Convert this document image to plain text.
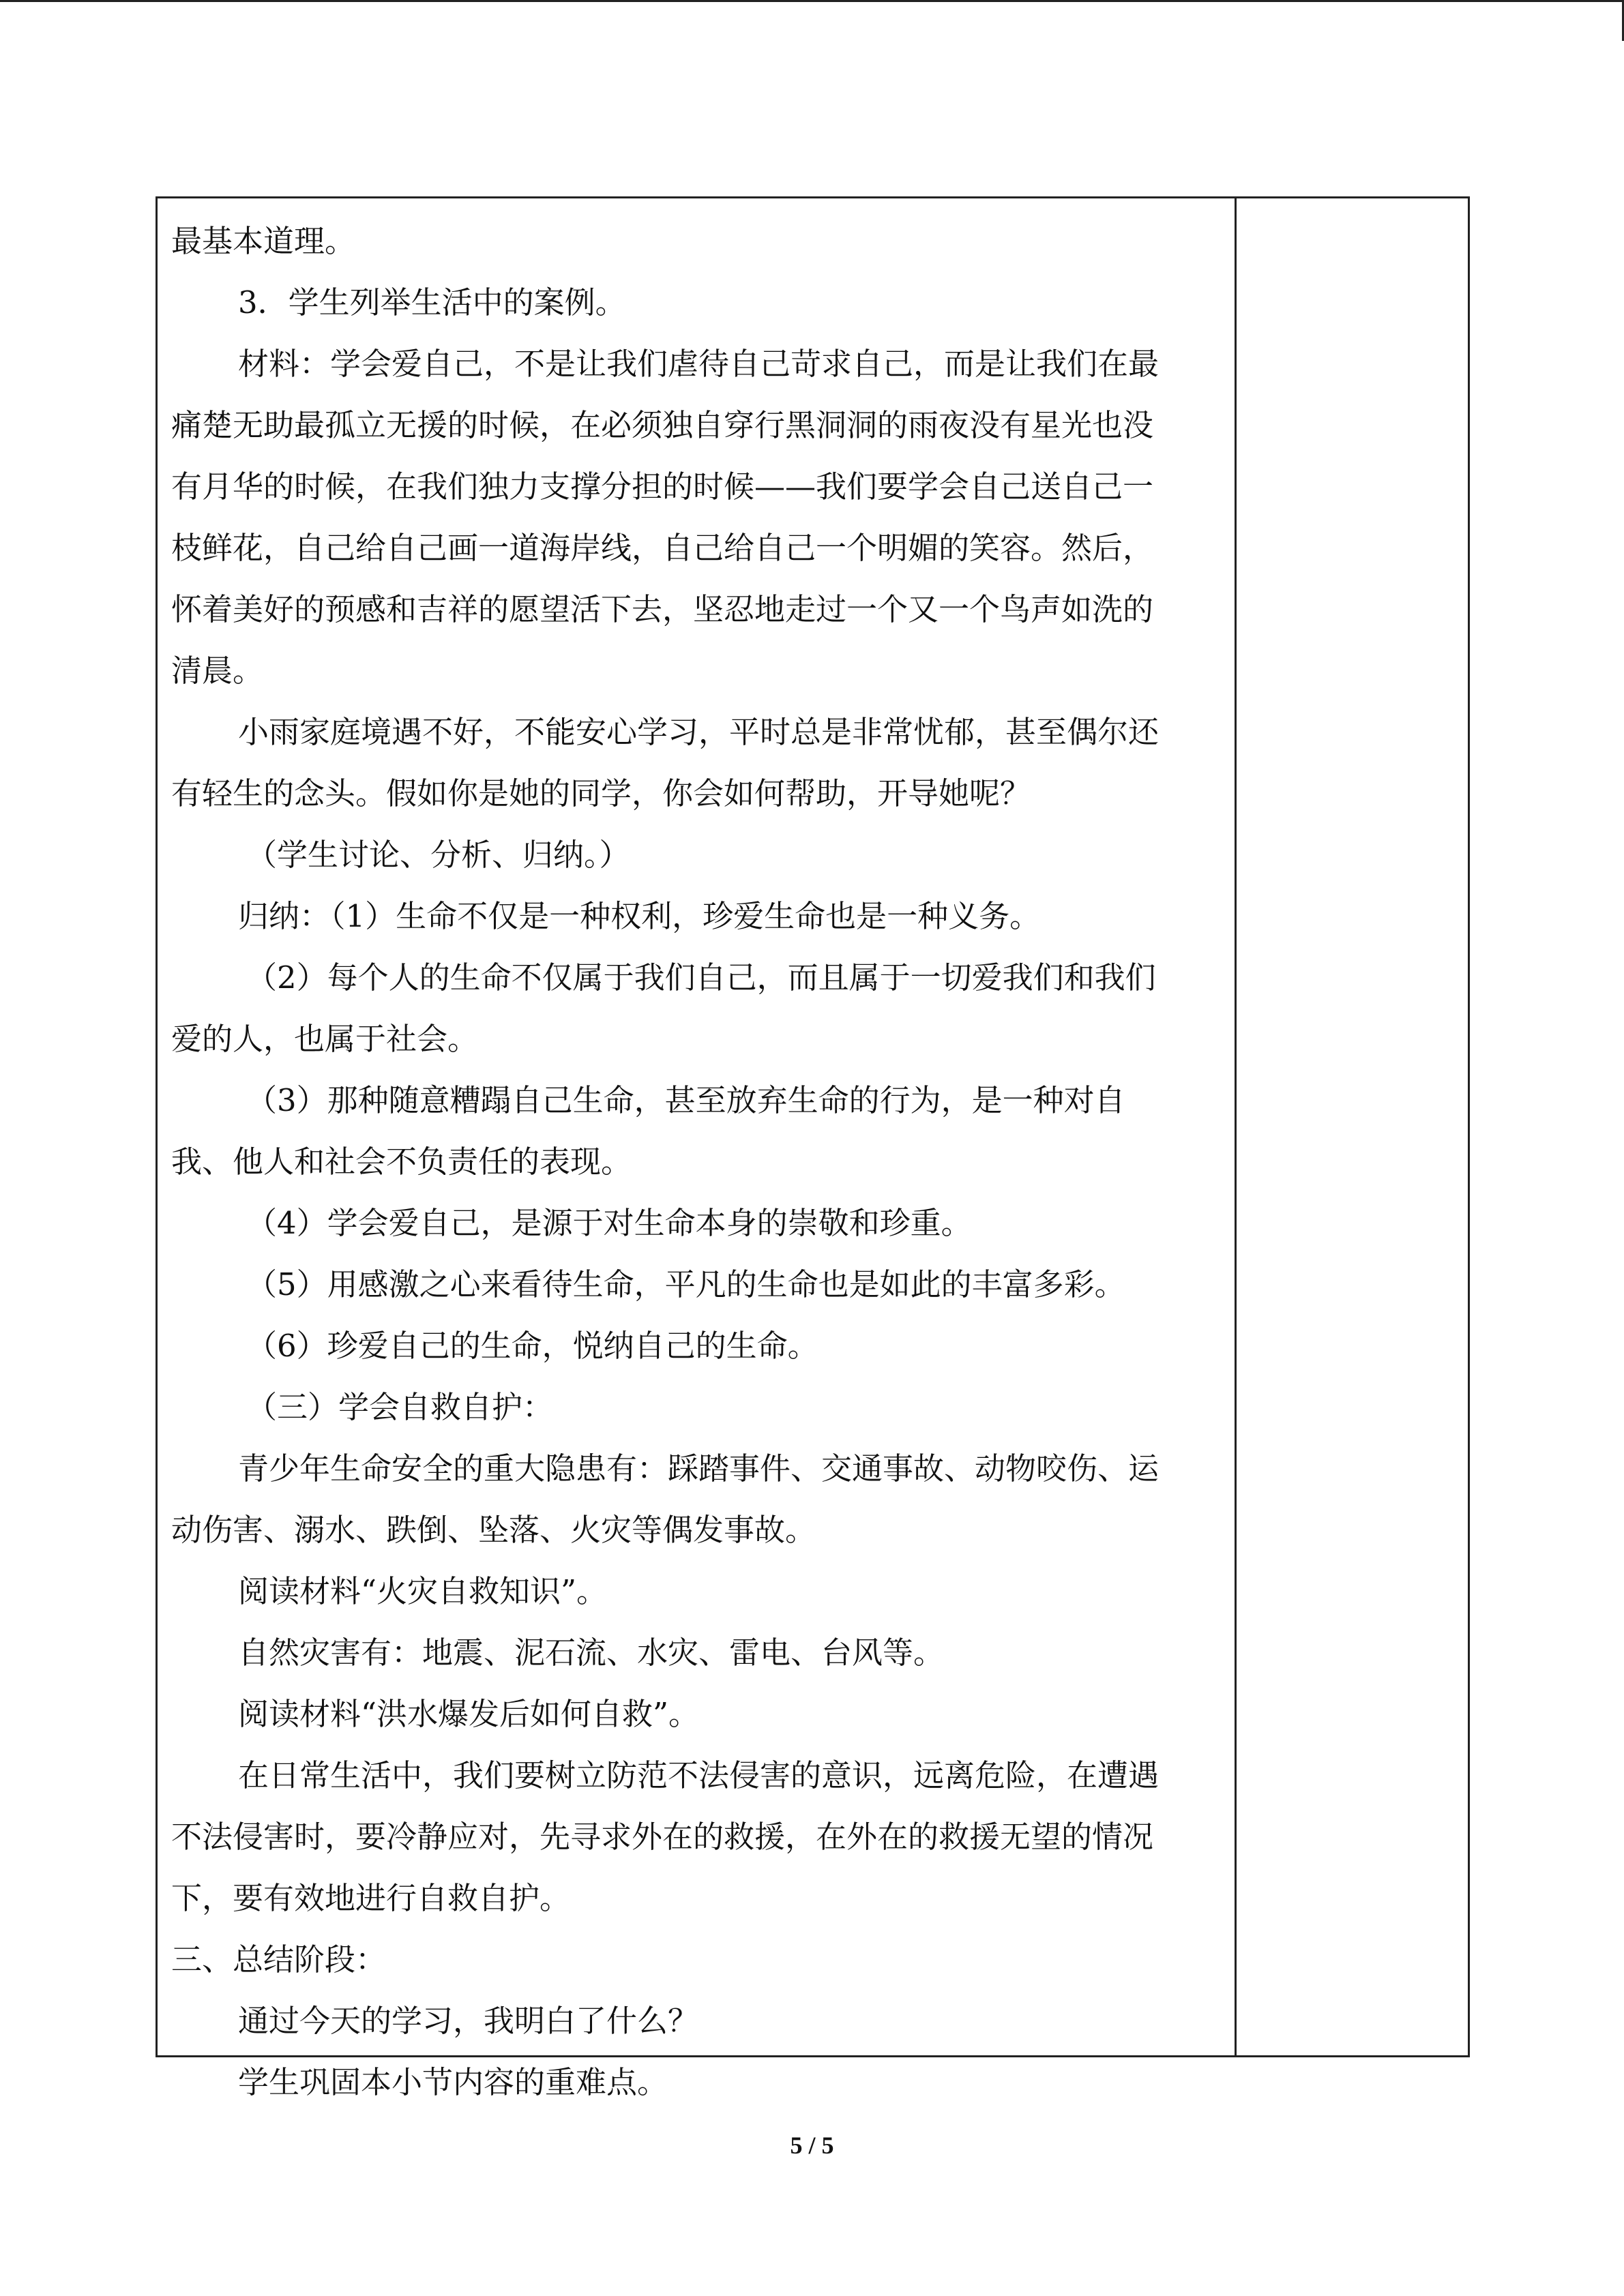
最基本道理。
3．学生列举生活中的案例。
材料：学会爱自己，不是让我们虐待自己苛求自己，而是让我们在最
痛楚无助最孤立无援的时候，在必须独自穿行黑洞洞的雨夜没有星光也没
有月华的时候，在我们独力支撑分担的时候——我们要学会自己送自己一
枝鲜花，自己给自己画一道海岸线，自己给自己一个明媚的笑容。然后，
怀着美好的预感和吉祥的愿望活下去，坚忍地走过一个又一个鸟声如洗的
清晨。
小雨家庭境遇不好，不能安心学习，平时总是非常忧郁，甚至偶尔还
有轻生的念头。假如你是她的同学，你会如何帮助，开导她呢？
（学生讨论、分析、归纳。）
归纳：（1）生命不仅是一种权利，珍爱生命也是一种义务。
（2）每个人的生命不仅属于我们自己，而且属于一切爱我们和我们
爱的人，也属于社会。
（3）那种随意糟蹋自己生命，甚至放弃生命的行为，是一种对自
我、他人和社会不负责任的表现。
（4）学会爱自己，是源于对生命本身的崇敬和珍重。
（5）用感激之心来看待生命，平凡的生命也是如此的丰富多彩。
（6）珍爱自己的生命，悦纳自己的生命。
（三）学会自救自护：
青少年生命安全的重大隐患有：踩踏事件、交通事故、动物咬伤、运
动伤害、溺水、跌倒、坠落、火灾等偶发事故。
阅读材料“火灾自救知识”。
自然灾害有：地震、泥石流、水灾、雷电、台风等。
阅读材料“洪水爆发后如何自救”。
在日常生活中，我们要树立防范不法侵害的意识，远离危险，在遭遇
不法侵害时，要冷静应对，先寻求外在的救援，在外在的救援无望的情况
下，要有效地进行自救自护。
三、总结阶段：
通过今天的学习，我明白了什么？
学生巩固本小节内容的重难点。
5 / 5
